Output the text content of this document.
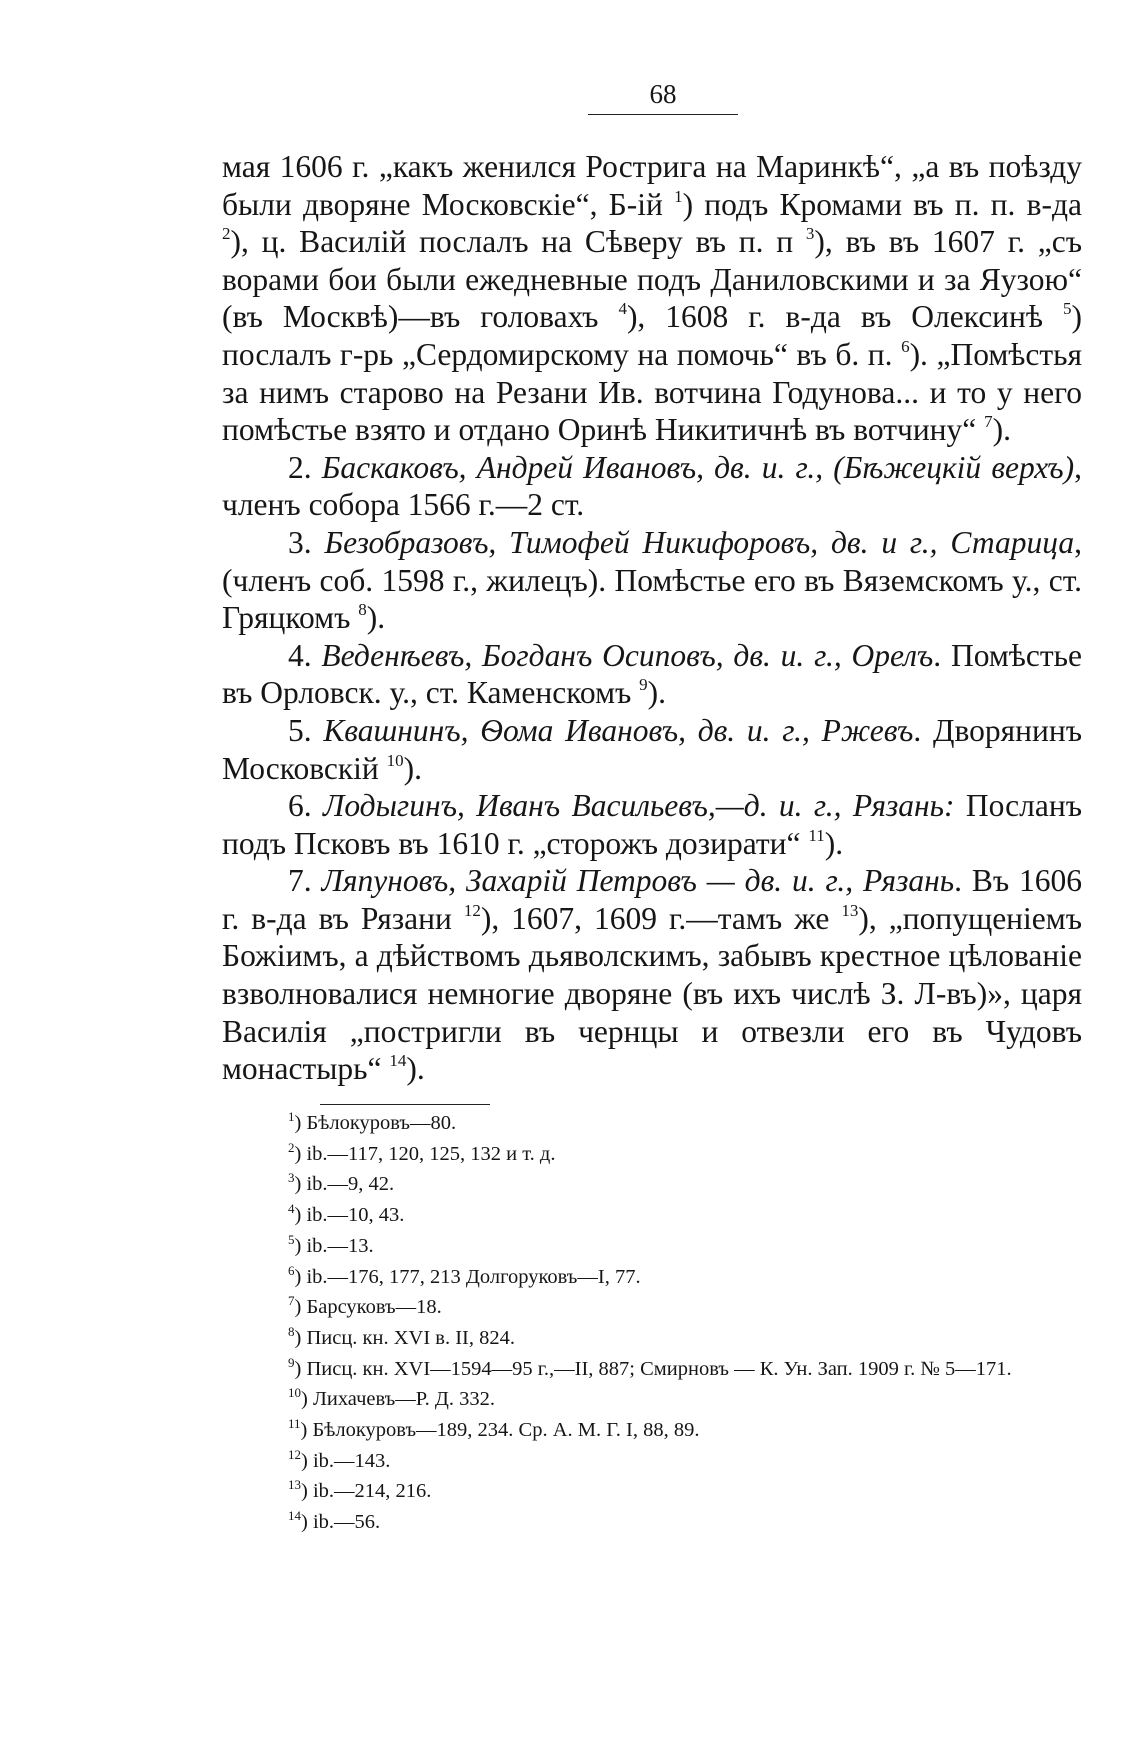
68

мая 1606 г. „какъ женился Ростригa на Маринкѣ“, „а въ поѣзду были дворяне Московскіе“, Б-ій $^1$) подъ Кромами въ п. п. в-да $^2$), ц. Василій послалъ на Сѣверу въ п. п $^3$), въ въ 1607 г. „съ ворами бои были ежедневные подъ Даниловскими и за Яузою“ (въ Москвѣ)—въ головахъ $^4$), 1608 г. в-да въ Олексинѣ $^5$) послалъ г-рь „Сердомирскому на помочь“ въ б. п. $^6$). „Помѣстья за нимъ старово на Резани Ив. вотчина Годунова... и то у него помѣстье взято и отдано Оринѣ Никитичнѣ въ вотчину“ $^7$).

2. Баскаковъ, Андрей Ивановъ, дв. и. г., (Бѣжецкій верхъ), членъ собора 1566 г.—2 ст.

3. Безобразовъ, Тимофей Никифоровъ, дв. и г., Старица, (членъ соб. 1598 г., жилецъ). Помѣстье его въ Вяземскомъ у., ст. Гряцкомъ $^8$).

4. Веденѣевъ, Богданъ Осиповъ, дв. и. г., Орелъ. Помѣстье въ Орловск. у., ст. Каменскомъ $^9$).

5. Квашнинъ, Ѳома Ивановъ, дв. и. г., Ржевъ. Дворянинъ Московскій $^{10}$).

6. Лодыгинъ, Иванъ Васильевъ,—д. и. г., Рязань: Посланъ подъ Псковъ въ 1610 г. „сторожъ дозирати“ $^{11}$).

7. Ляпуновъ, Захарій Петровъ — дв. и. г., Рязань. Въ 1606 г. в-да въ Рязани $^{12}$), 1607, 1609 г.—тамъ же $^{13}$), „попущеніемъ Божіимъ, а дѣйствомъ дьяволскимъ, забывъ крестное цѣлованіе взволновалися немногие дворяне (въ ихъ числѣ З. Л-въ)», царя Василія „постригли въ чернцы и отвезли его въ Чудовъ монастырь“ $^{14}$).

$^1$) Бѣлокуровъ—80.

$^2$) ib.—117, 120, 125, 132 и т. д.

$^3$) ib.—9, 42.

$^4$) ib.—10, 43.

$^5$) ib.—13.

$^6$) ib.—176, 177, 213 Долгоруковъ—I, 77.

$^7$) Барсуковъ—18.

$^8$) Писц. кн. XVI в. II, 824.

$^9$) Писц. кн. XVI—1594—95 г.,—II, 887; Смирновъ — К. Ун. Зап. 1909 г. № 5—171.

$^{10}$) Лихачевъ—Р. Д. 332.

$^{11}$) Бѣлокуровъ—189, 234. Ср. А. М. Г. I, 88, 89.

$^{12}$) ib.—143.

$^{13}$) ib.—214, 216.

$^{14}$) ib.—56.
